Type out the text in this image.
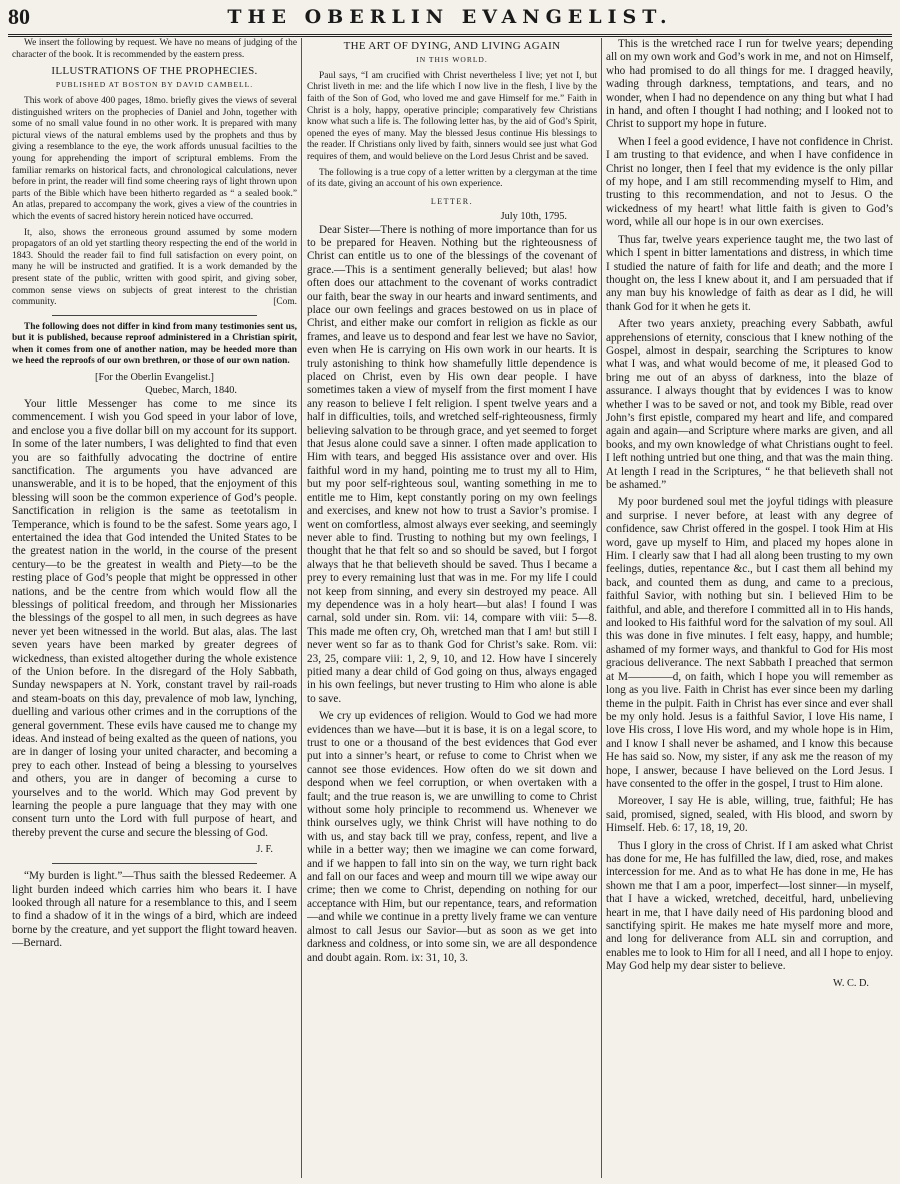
80	THE OBERLIN EVANGELIST.

We insert the following by request. We have no means of judging of the character of the book. It is recommended by the eastern press.

ILLUSTRATIONS OF THE PROPHECIES.
PUBLISHED AT BOSTON BY DAVID CAMBELL.

This work of above 400 pages, 18mo. briefly gives the views of several distinguished writers on the prophecies of Daniel and John, together with some of no small value found in no other work. It is prepared with many pictural views of the natural emblems used by the prophets and thus by giving a resemblance to the eye, the work affords unusual facilties to the young for apprehending the import of scriptural emblems. From the familiar remarks on historical facts, and chronological calculations, never before in print, the reader will find some cheering rays of light thrown upon parts of the Bible which have been hitherto regarded as “ a sealed book.” An atlas, prepared to accompany the work, gives a view of the countries in which the events of sacred history herein noticed have occurred.

It, also, shows the erroneous ground assumed by some modern propagators of an old yet startling theory respecting the end of the world in 1843. Should the reader fail to find full satisfaction on every point, on many he will be instructed and gratified. It is a work demanded by the present state of the public, written with good spirit, and giving sober, common sense views on subjects of great interest to the christian community.	[Com.

The following does not differ in kind from many testimonies sent us, but it is published, because reproof administered in a Christian spirit, when it comes from one of another nation, may be heeded more than we heed the reproofs of our own brethren, or those of our own nation.

[For the Oberlin Evangelist.]

Quebec, March, 1840.

Your little Messenger has come to me since its commencement. I wish you God speed in your labor of love, and enclose you a five dollar bill on my account for its support. In some of the later numbers, I was delighted to find that even you are so faithfully advocating the doctrine of entire sanctification. The arguments you have advanced are unanswerable, and it is to be hoped, that the enjoyment of this blessing will soon be the common experience of God’s people. Sanctification in religion is the same as teetotalism in Temperance, which is found to be the safest. Some years ago, I entertained the idea that God intended the United States to be the greatest nation in the world, in the course of the present century—to be the greatest in wealth and Piety—to be the resting place of God’s people that might be oppressed in other nations, and be the centre from which would flow all the blessings of political freedom, and through her Missionaries the blessings of the gospel to all men, in such degrees as have never yet been witnessed in the world. But alas, alas. The last seven years have been marked by greater degrees of wickedness, than existed altogether during the whole existence of the Union before. In the disregard of the Holy Sabbath, Sunday newspapers at N. York, constant travel by rail-roads and steam-boats on this day, prevalence of mob law, lynching, duelling and various other crimes and in the corruptions of the general government. These evils have caused me to change my ideas. And instead of being exalted as the queen of nations, you are in danger of losing your united character, and becoming a prey to each other. Instead of being a blessing to yourselves and others, you are in danger of becoming a curse to yourselves and to the world. Which may God prevent by learning the people a pure language that they may with one consent turn unto the Lord with full purpose of heart, and thereby prevent the curse and secure the blessing of God.

J. F.

“My burden is light.”—Thus saith the blessed Redeemer. A light burden indeed which carries him who bears it. I have looked through all nature for a resemblance to this, and I seem to find a shadow of it in the wings of a bird, which are indeed borne by the creature, and yet support the flight toward heaven.—Bernard.

THE ART OF DYING, AND LIVING AGAIN
IN THIS WORLD.

Paul says, “I am crucified with Christ nevertheless I live; yet not I, but Christ liveth in me: and the life which I now live in the flesh, I live by the faith of the Son of God, who loved me and gave Himself for me.” Faith in Christ is a holy, happy, operative principle; comparatively few Christians know what such a life is. The following letter has, by the aid of God’s Spirit, opened the eyes of many. May the blessed Jesus continue His blessings to the reader. If Christians only lived by faith, sinners would see just what God requires of them, and would believe on the Lord Jesus Christ and be saved.

The following is a true copy of a letter written by a clergyman at the time of its date, giving an account of his own experience.

LETTER.

July 10th, 1795.

Dear Sister—There is nothing of more importance than for us to be prepared for Heaven. Nothing but the righteousness of Christ can entitle us to one of the blessings of the covenant of grace.—This is a sentiment generally believed; but alas! how often does our attachment to the covenant of works contradict our faith, bear the sway in our hearts and inward sentiments, and place our own feelings and graces bestowed on us in place of Christ, and either make our comfort in religion as fickle as our frames, and leave us to despond and fear lest we have no Savior, even when He is carrying on His own work in our hearts. It is truly astonishing to think how shamefully little dependence is placed on Christ, even by His own dear people. I have sometimes taken a view of myself from the first moment I have any reason to believe I felt religion. I spent twelve years and a half in difficulties, toils, and wretched self-righteousness, firmly believing salvation to be through grace, and yet seemed to forget that Jesus alone could save a sinner. I often made application to Him with tears, and begged His assistance over and over. His faithful word in my hand, pointing me to trust my all to Him, but my poor self-righteous soul, wanting something in me to entitle me to Him, kept constantly poring on my own feelings and exercises, and knew not how to trust a Savior’s promise. I went on comfortless, almost always ever seeking, and seemingly never able to find. Trusting to nothing but my own feelings, I thought that he that felt so and so should be saved, but I forgot always that he that believeth should be saved. Thus I became a prey to every remaining lust that was in me. For my life I could not keep from sinning, and every sin destroyed my peace. All my dependence was in a holy heart—but alas! I found I was carnal, sold under sin. Rom. vii: 14, compare with viii: 5—8. This made me often cry, Oh, wretched man that I am! but still I never went so far as to thank God for Christ’s sake. Rom. vii: 23, 25, compare viii: 1, 2, 9, 10, and 12. How have I sincerely pitied many a dear child of God going on thus, always engaged in his own feelings, but never trusting to Him who alone is able to save.

We cry up evidences of religion. Would to God we had more evidences than we have—but it is base, it is on a legal score, to trust to one or a thousand of the best evidences that God ever put into a sinner’s heart, or refuse to come to Christ when we cannot see those evidences. How often do we sit down and despond when we feel corruption, or when overtaken with a fault; and the true reason is, we are unwilling to come to Christ without some holy principle to recommend us. Whenever we think ourselves ugly, we think Christ will have nothing to do with us, and stay back till we pray, confess, repent, and live a while in a better way; then we imagine we can come forward, and if we happen to fall into sin on the way, we turn right back and fall on our faces and weep and mourn till we wipe away our crime; then we come to Christ, depending on nothing for our acceptance with Him, but our repentance, tears, and reformation—and while we continue in a pretty lively frame we can venture almost to call Jesus our Savior—but as soon as we get into darkness and coldness, or into some sin, we are all despondence and doubt again. Rom. ix: 31, 10, 3.

This is the wretched race I run for twelve years; depending all on my own work and God’s work in me, and not on Himself, who had promised to do all things for me. I dragged heavily, wading through darkness, temptations, and tears, and no wonder, when I had no dependence on any thing but what I had in hand, and often I thought I had nothing; and I looked not to Christ to support my hope in future.

When I feel a good evidence, I have not confidence in Christ. I am trusting to that evidence, and when I have confidence in Christ no longer, then I feel that my evidence is the only pillar of my hope, and I am still recommending myself to Him, and trusting to this recommendation, and not to Jesus. O the wickedness of my heart! what little faith is given to God’s word, while all our hope is in our own exercises.

Thus far, twelve years experience taught me, the two last of which I spent in bitter lamentations and distress, in which time I studied the nature of faith for life and death; and the more I thought on, the less I knew about it, and I am persuaded that if any man buy his knowledge of faith as dear as I did, he will thank God for it when he gets it.

After two years anxiety, preaching every Sabbath, awful apprehensions of eternity, conscious that I knew nothing of the Gospel, almost in despair, searching the Scriptures to know what I was, and what would become of me, it pleased God to bring me out of an abyss of darkness, into the blaze of assurance. I always thought that by evidences I was to know whether I was to be saved or not, and took my Bible, read over John’s first epistle, compared my heart and life, and compared again and again—and Scripture where marks are given, and all books, and my own knowledge of what Christians ought to feel. I left nothing untried but one thing, and that was the main thing. At length I read in the Scriptures, “ he that believeth shall not be ashamed.”

My poor burdened soul met the joyful tidings with pleasure and surprise. I never before, at least with any degree of confidence, saw Christ offered in the gospel. I took Him at His word, gave up myself to Him, and placed my hopes alone in Him. I clearly saw that I had all along been trusting to my own feelings, duties, repentance &c., but I cast them all behind my back, and counted them as dung, and came to a precious, faithful Savior, with nothing but sin. I believed Him to be faithful, and able, and therefore I committed all in to His hands, and looked to His faithful word for the salvation of my soul. All this was done in five minutes. I felt easy, happy, and humble; ashamed of my former ways, and thankful to God for His most gracious deliverance. The next Sabbath I preached that sermon at M————d, on faith, which I hope you will remember as long as you live. Faith in Christ has ever since been my darling theme in the pulpit. Faith in Christ has ever since and ever shall be my only hold. Jesus is a faithful Savior, I love His name, I love His cross, I love His word, and my whole hope is in Him, and I know I shall never be ashamed, and I know this because He has said so. Now, my sister, if any ask me the reason of my hope, I answer, because I have believed on the Lord Jesus. I have consented to the offer in the gospel, I trust to Him alone.

Moreover, I say He is able, willing, true, faithful; He has said, promised, signed, sealed, with His blood, and sworn by Himself. Heb. 6: 17, 18, 19, 20.

Thus I glory in the cross of Christ. If I am asked what Christ has done for me, He has fulfilled the law, died, rose, and makes intercession for me. And as to what He has done in me, He has shown me that I am a poor, imperfect—lost sinner—in myself, that I have a wicked, wretched, deceitful, hard, unbelieving heart in me, that I have daily need of His pardoning blood and sanctifying spirit. He makes me hate myself more and more, and long for deliverance from ALL sin and corruption, and enables me to look to Him for all I need, and all I hope to enjoy. May God help my dear sister to believe.

W. C. D.
